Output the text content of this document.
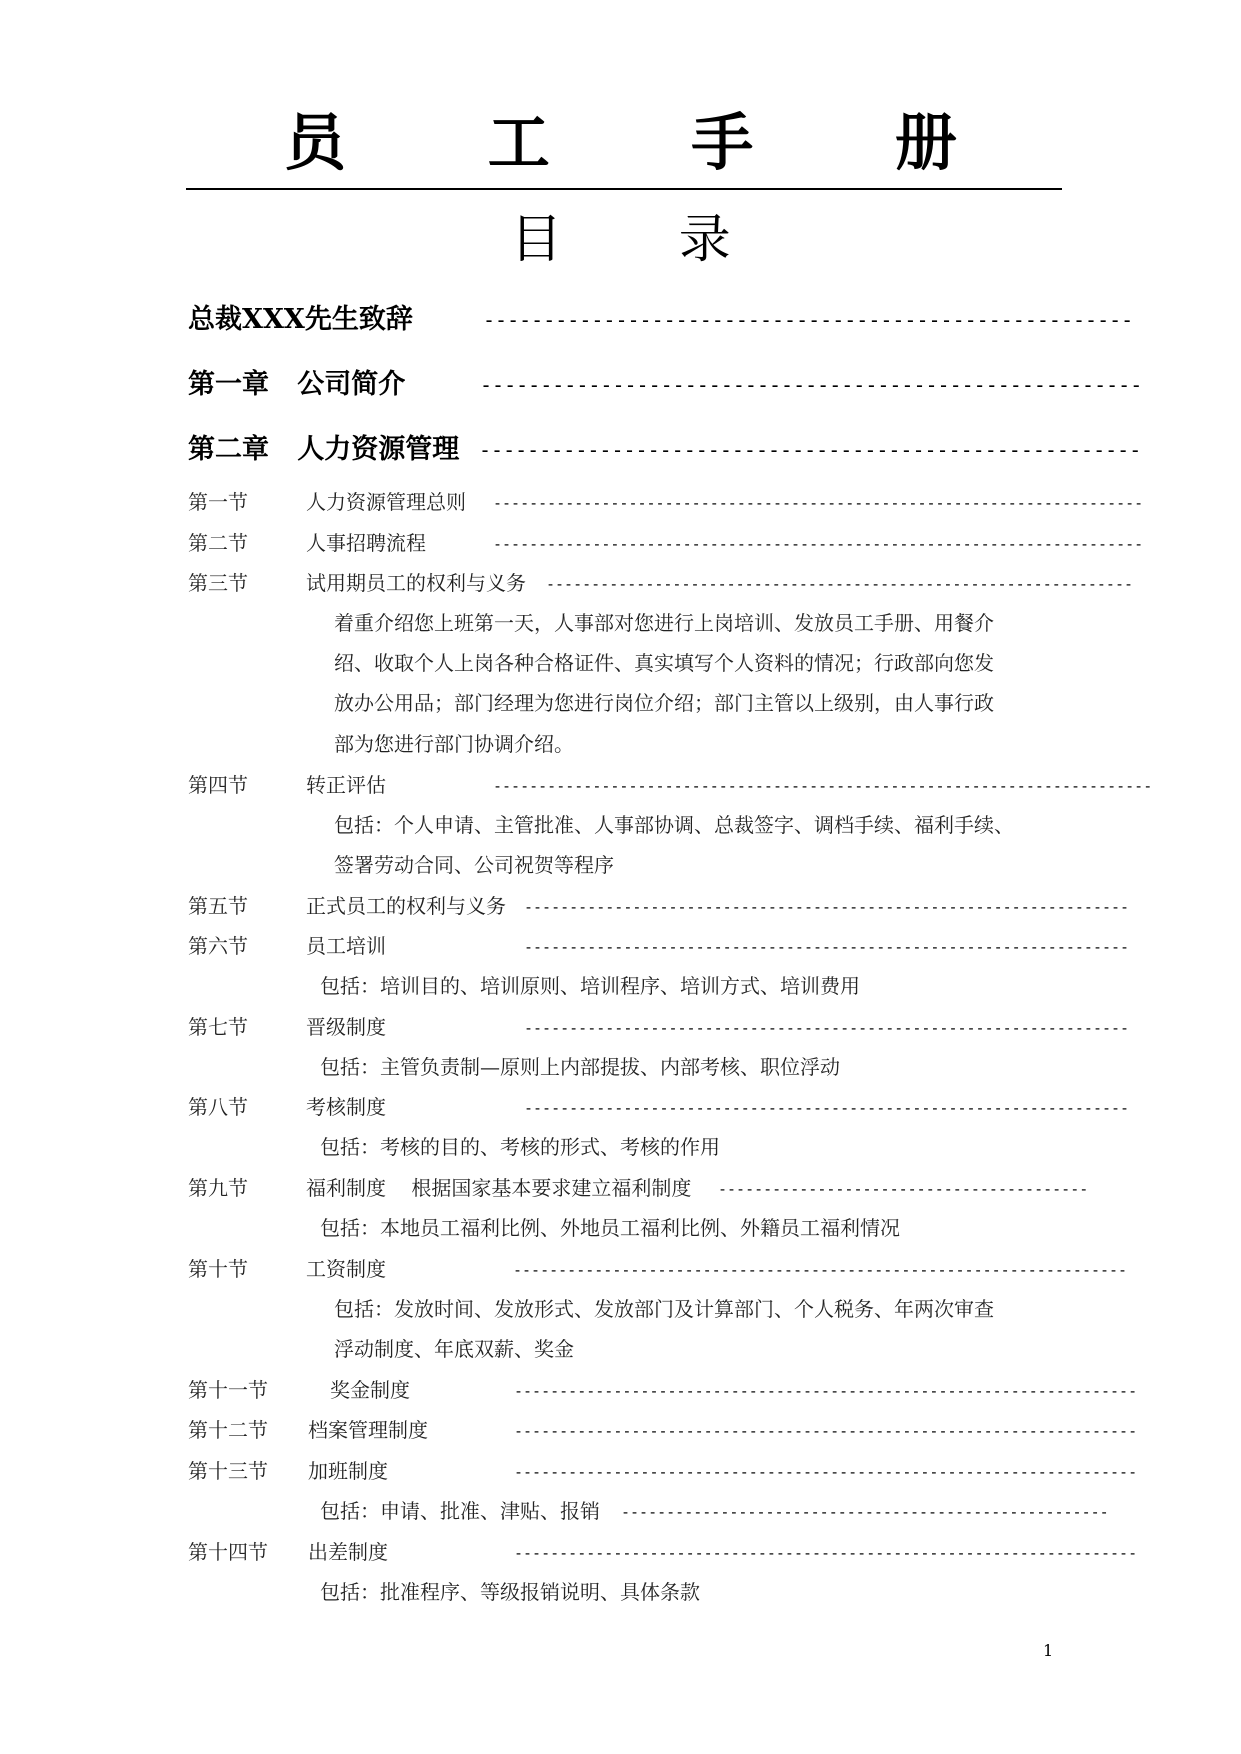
员 工 手 册
目 录
总裁XXX先生致辞	------------------------------------------------------
第一章   公司简介	-------------------------------------------------------
第二章   人力资源管理 -------------------------------------------------------
第一节	人力资源管理总则 ------------------------------------------------------------------------
第二节	人事招聘流程	------------------------------------------------------------------------
第三节	试用期员工的权利与义务 -----------------------------------------------------------------
着重介绍您上班第一天，人事部对您进行上岗培训、发放员工手册、用餐介
绍、收取个人上岗各种合格证件、真实填写个人资料的情况；行政部向您发
放办公用品；部门经理为您进行岗位介绍；部门主管以上级别，由人事行政
部为您进行部门协调介绍。
第四节	转正评估	-------------------------------------------------------------------------
包括：个人申请、主管批准、人事部协调、总裁签字、调档手续、福利手续、
签署劳动合同、公司祝贺等程序
第五节	正式员工的权利与义务 -------------------------------------------------------------------
第六节	员工培训	-------------------------------------------------------------------
包括：培训目的、培训原则、培训程序、培训方式、培训费用
第七节	晋级制度	-------------------------------------------------------------------
包括：主管负责制—原则上内部提拔、内部考核、职位浮动
第八节	考核制度	-------------------------------------------------------------------
包括：考核的目的、考核的形式、考核的作用
第九节	福利制度    根据国家基本要求建立福利制度 -----------------------------------------
包括：本地员工福利比例、外地员工福利比例、外籍员工福利情况
第十节	工资制度	--------------------------------------------------------------------
包括：发放时间、发放形式、发放部门及计算部门、个人税务、年两次审查
浮动制度、年底双薪、奖金
第十一节	奖金制度	---------------------------------------------------------------------
第十二节 档案管理制度	---------------------------------------------------------------------
第十三节 加班制度	---------------------------------------------------------------------
包括：申请、批准、津贴、报销 ------------------------------------------------------
第十四节 出差制度	---------------------------------------------------------------------
包括：批准程序、等级报销说明、具体条款
1
